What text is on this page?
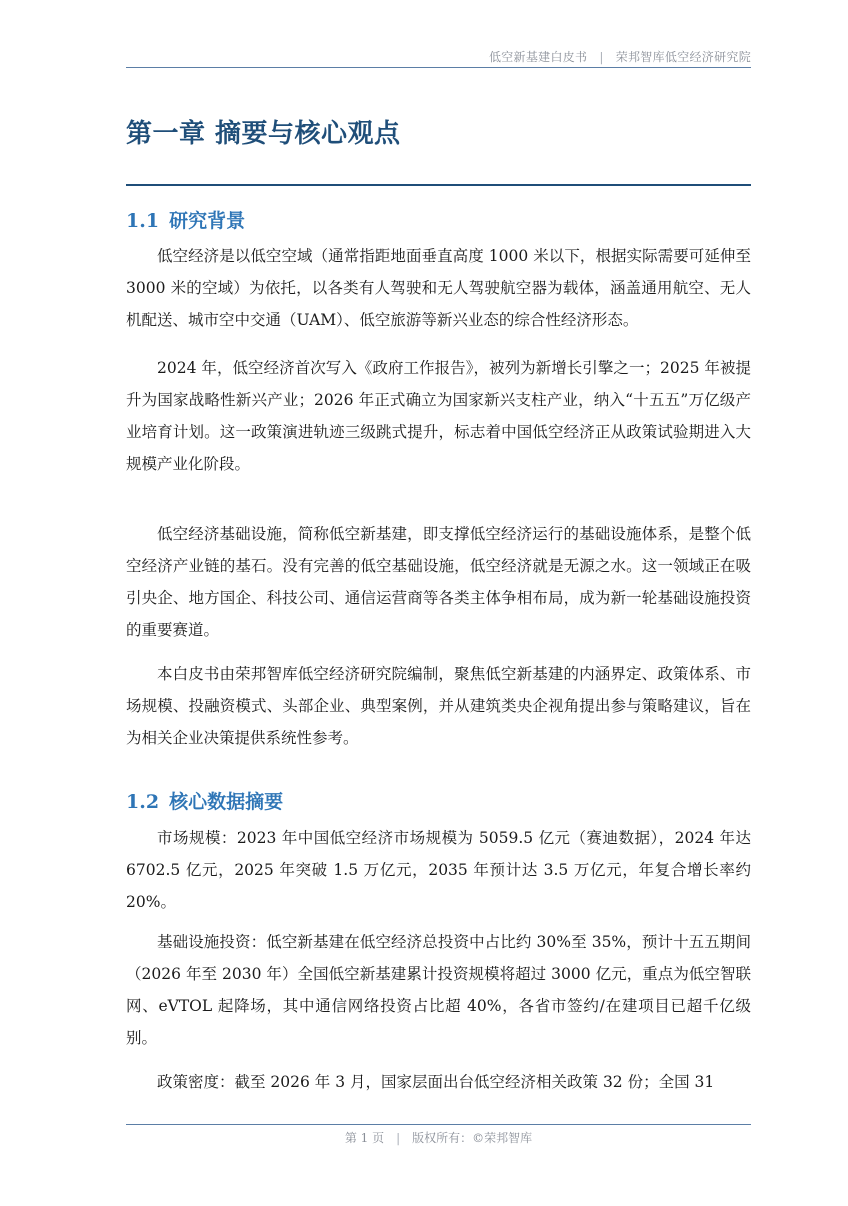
低空新基建白皮书 | 荣邦智库低空经济研究院
第一章 摘要与核心观点
1.1 研究背景

低空经济是以低空空域（通常指距地面垂直高度 1000 米以下，根据实际需要可延伸至 3000 米的空域）为依托，以各类有人驾驶和无人驾驶航空器为载体，涵盖通用航空、无人机配送、城市空中交通（UAM）、低空旅游等新兴业态的综合性经济形态。

2024 年，低空经济首次写入《政府工作报告》，被列为新增长引擎之一；2025 年被提升为国家战略性新兴产业；2026 年正式确立为国家新兴支柱产业，纳入“十五五”万亿级产业培育计划。这一政策演进轨迹三级跳式提升，标志着中国低空经济正从政策试验期进入大规模产业化阶段。

低空经济基础设施，简称低空新基建，即支撑低空经济运行的基础设施体系，是整个低空经济产业链的基石。没有完善的低空基础设施，低空经济就是无源之水。这一领域正在吸引央企、地方国企、科技公司、通信运营商等各类主体争相布局，成为新一轮基础设施投资的重要赛道。

本白皮书由荣邦智库低空经济研究院编制，聚焦低空新基建的内涵界定、政策体系、市场规模、投融资模式、头部企业、典型案例，并从建筑类央企视角提出参与策略建议，旨在为相关企业决策提供系统性参考。

1.2 核心数据摘要

市场规模：2023 年中国低空经济市场规模为 5059.5 亿元（赛迪数据），2024 年达 6702.5 亿元，2025 年突破 1.5 万亿元，2035 年预计达 3.5 万亿元，年复合增长率约 20%。

基础设施投资：低空新基建在低空经济总投资中占比约 30%至 35%，预计十五五期间（2026 年至 2030 年）全国低空新基建累计投资规模将超过 3000 亿元，重点为低空智联网、eVTOL 起降场，其中通信网络投资占比超 40%，各省市签约/在建项目已超千亿级别。

政策密度：截至 2026 年 3 月，国家层面出台低空经济相关政策 32 份；全国 31

第 1 页 | 版权所有：©荣邦智库
